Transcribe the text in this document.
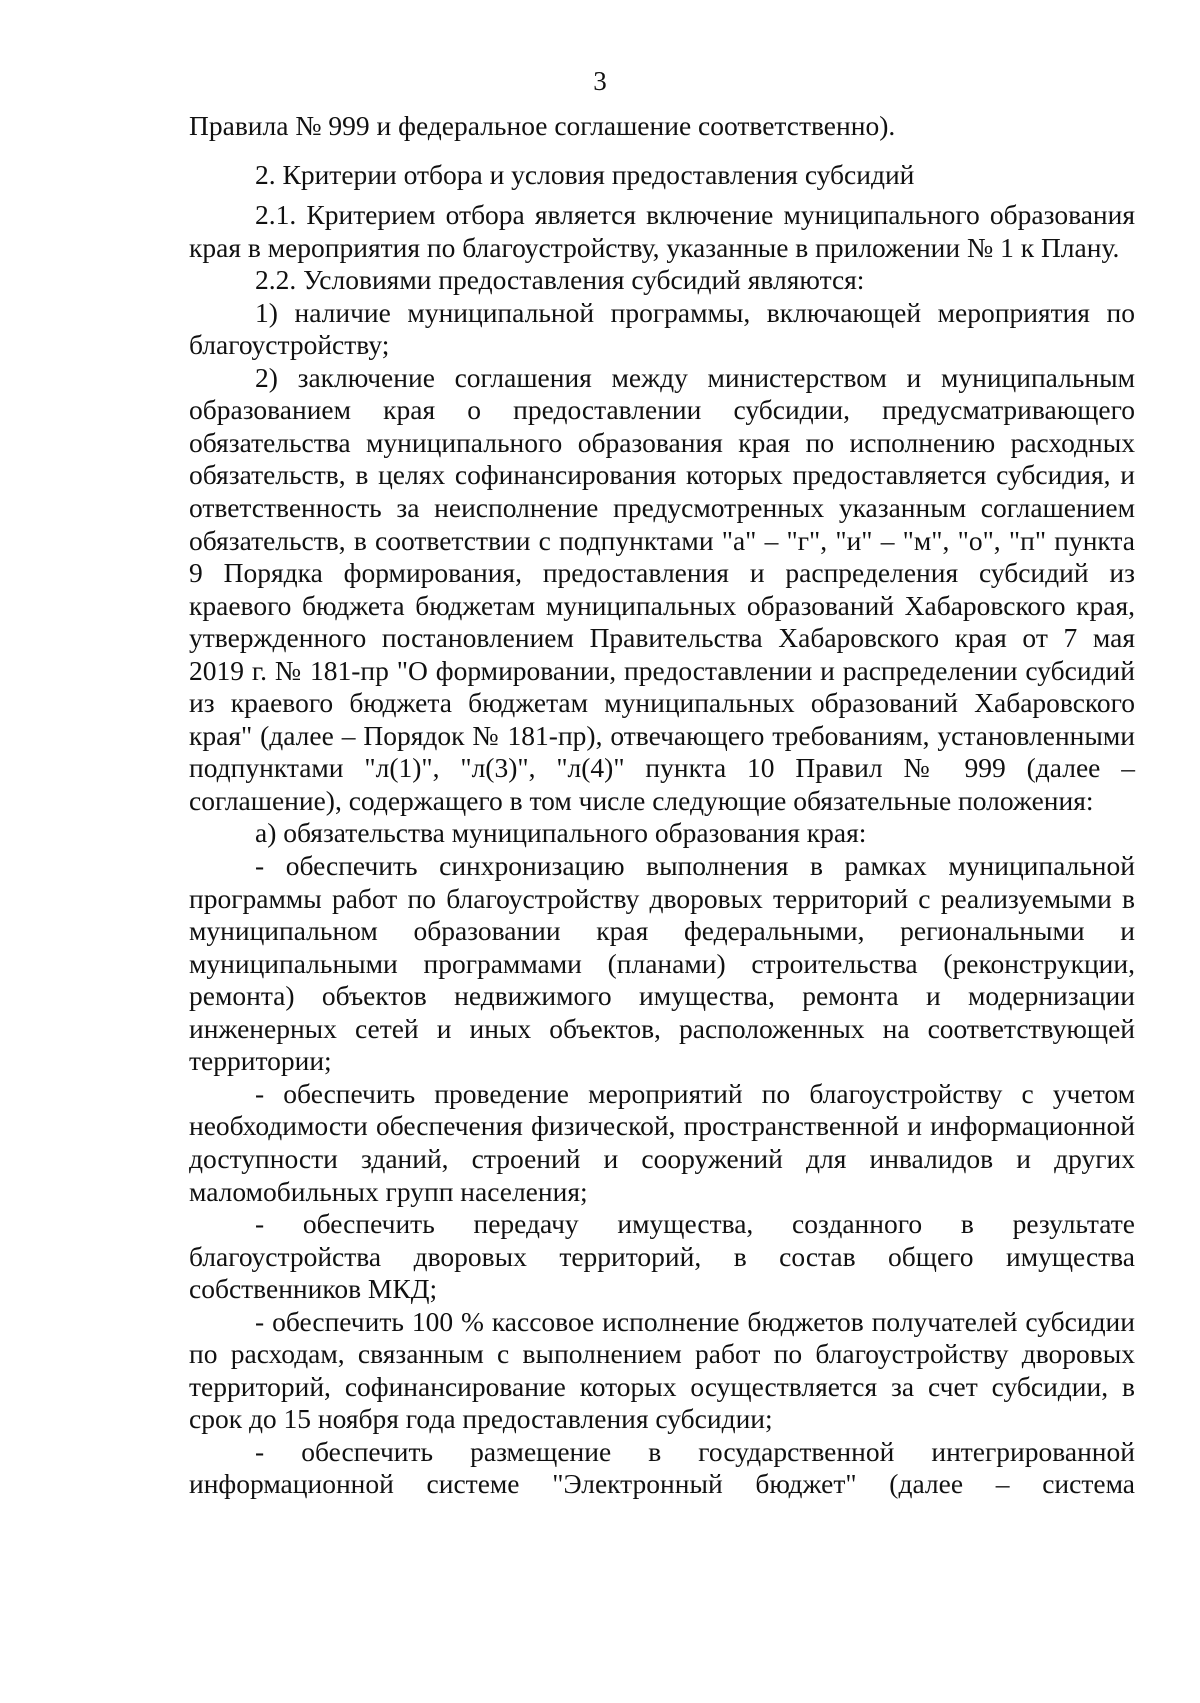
3

Правила № 999 и федеральное соглашение соответственно).

2. Критерии отбора и условия предоставления субсидий

2.1. Критерием отбора является включение муниципального образования края в мероприятия по благоустройству, указанные в приложении № 1 к Плану.

2.2. Условиями предоставления субсидий являются:

1) наличие муниципальной программы, включающей мероприятия по благоустройству;

2) заключение соглашения между министерством и муниципальным образованием края о предоставлении субсидии, предусматривающего обязательства муниципального образования края по исполнению расходных обязательств, в целях софинансирования которых предоставляется субсидия, и ответственность за неисполнение предусмотренных указанным соглашением обязательств, в соответствии с подпунктами "а" – "г", "и" – "м", "о", "п" пункта 9 Порядка формирования, предоставления и распределения субсидий из краевого бюджета бюджетам муниципальных образований Хабаровского края, утвержденного постановлением Правительства Хабаровского края от 7 мая 2019 г. № 181-пр "О формировании, предоставлении и распределении субсидий из краевого бюджета бюджетам муниципальных образований Хабаровского края" (далее – Порядок № 181-пр), отвечающего требованиям, установленными подпунктами "л(1)", "л(3)", "л(4)" пункта 10 Правил № 999 (далее – соглашение), содержащего в том числе следующие обязательные положения:

а) обязательства муниципального образования края:

- обеспечить синхронизацию выполнения в рамках муниципальной программы работ по благоустройству дворовых территорий с реализуемыми в муниципальном образовании края федеральными, региональными и муниципальными программами (планами) строительства (реконструкции, ремонта) объектов недвижимого имущества, ремонта и модернизации инженерных сетей и иных объектов, расположенных на соответствующей территории;

- обеспечить проведение мероприятий по благоустройству с учетом необходимости обеспечения физической, пространственной и информационной доступности зданий, строений и сооружений для инвалидов и других маломобильных групп населения;

- обеспечить передачу имущества, созданного в результате благоустройства дворовых территорий, в состав общего имущества собственников МКД;

- обеспечить 100 % кассовое исполнение бюджетов получателей субсидии по расходам, связанным с выполнением работ по благоустройству дворовых территорий, софинансирование которых осуществляется за счет субсидии, в срок до 15 ноября года предоставления субсидии;

- обеспечить размещение в государственной интегрированной информационной системе "Электронный бюджет" (далее – система
